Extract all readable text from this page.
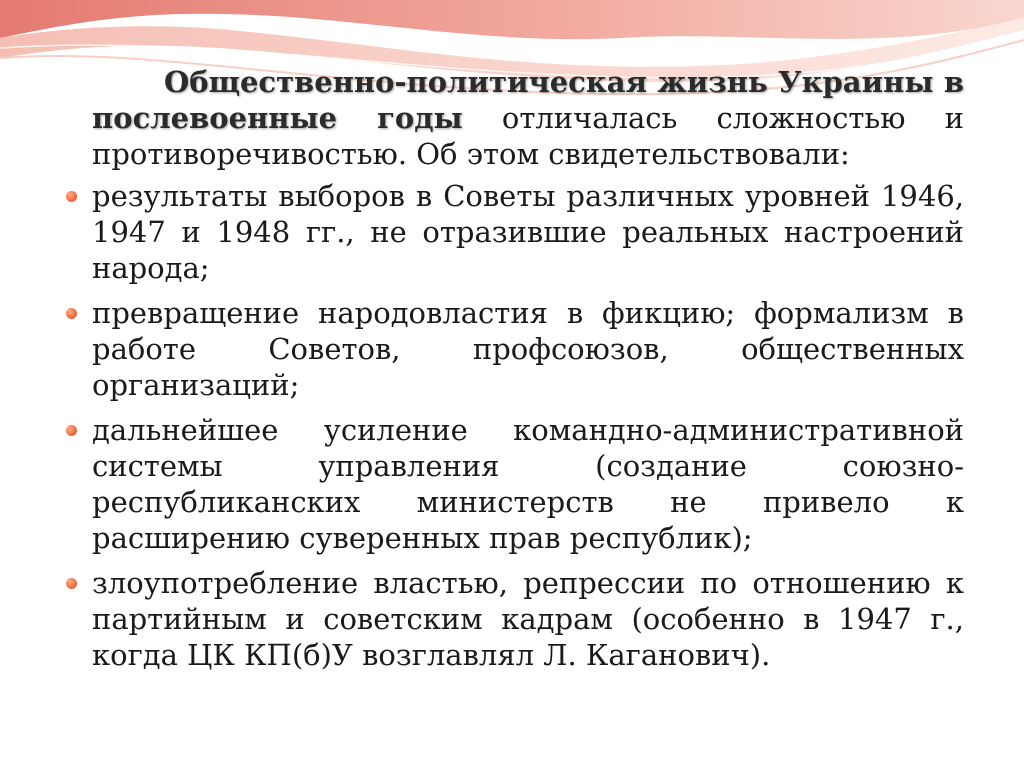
Общественно-политическая жизнь Украины в послевоенные годы отличалась сложностью и противоречивостью. Об этом свидетельствовали:

результаты выборов в Советы различных уровней 1946, 1947 и 1948 гг., не отразившие реальных настроений народа;
превращение народовластия в фикцию; формализм в работе Советов, профсоюзов, общественных организаций;
дальнейшее усиление командно-административной системы управления (создание союзно-республиканских министерств не привело к расширению суверенных прав республик);
злоупотребление властью, репрессии по отношению к партийным и советским кадрам (особенно в 1947 г., когда ЦК КП(б)У возглавлял Л. Каганович).
